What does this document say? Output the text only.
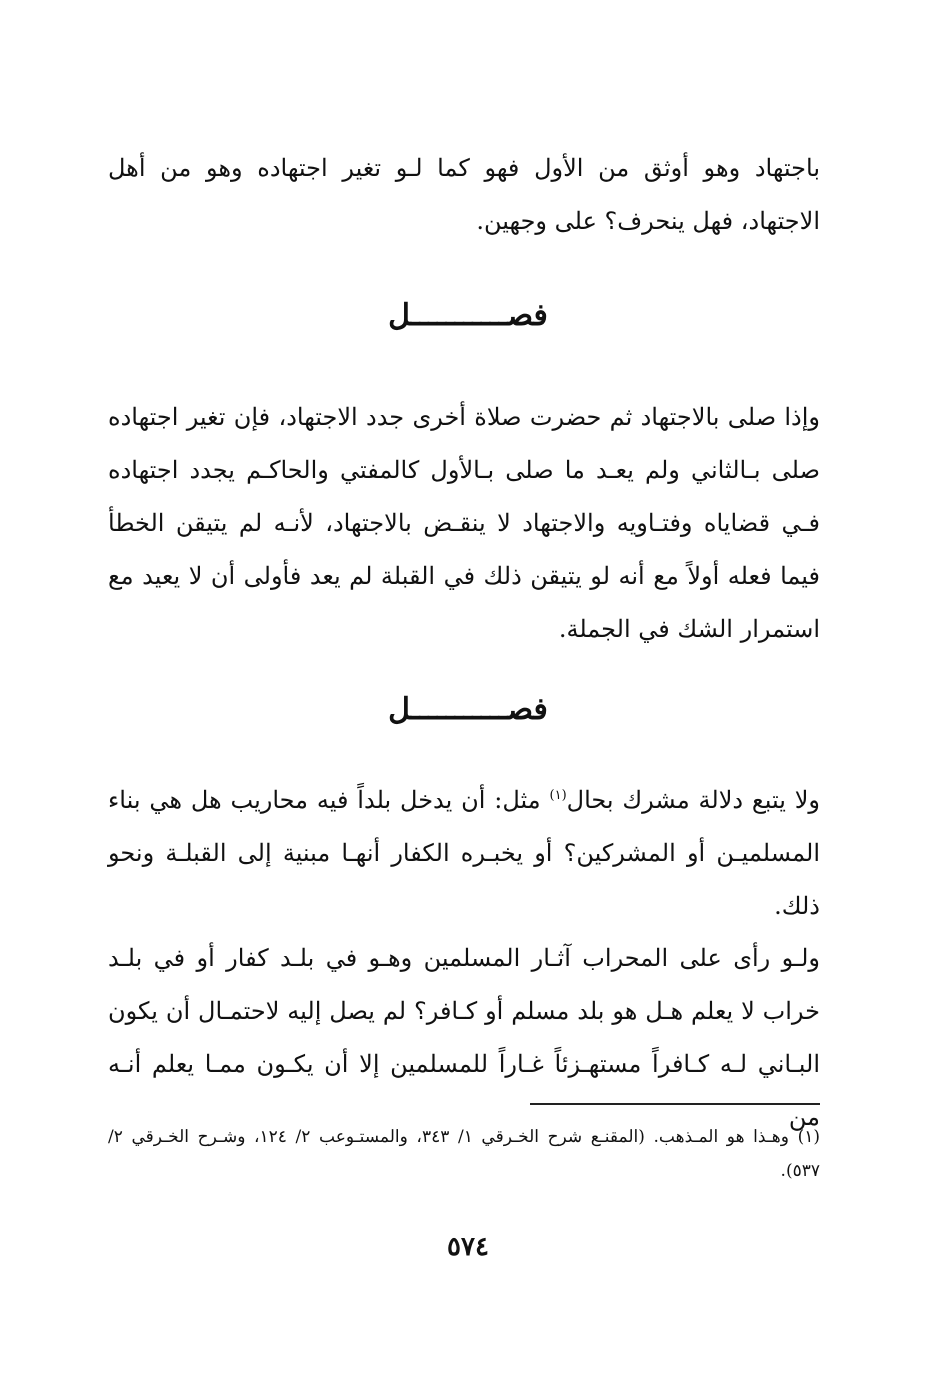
باجتهاد وهو أوثق من الأول فهو كما لـو تغير اجتهاده وهو من أهل الاجتهاد، فهل ينحرف؟ على وجهين.
فصـــــــــــل
وإذا صلى بالاجتهاد ثم حضرت صلاة أخرى جدد الاجتهاد، فإن تغير اجتهاده صلى بـالثاني ولم يعـد ما صلى بـالأول كالمفتي والحاكـم يجدد اجتهاده فـي قضاياه وفتـاويه والاجتهاد لا ينقـض بالاجتهاد، لأنـه لم يتيقن الخطأ فيما فعله أولاً مع أنه لو يتيقن ذلك في القبلة لم يعد فأولى أن لا يعيد مع استمرار الشك في الجملة.
فصـــــــــــل
ولا يتبع دلالة مشرك بحال$^{(١)}$ مثل: أن يدخل بلداً فيه محاريب هل هي بناء المسلميـن أو المشركين؟ أو يخبـره الكفار أنهـا مبنية إلى القبلـة ونحو ذلك.
ولـو رأى على المحراب آثـار المسلمين وهـو في بلـد كفار أو في بلـد خراب لا يعلم هـل هو بلد مسلم أو كـافر؟ لم يصل إليه لاحتمـال أن يكون البـاني لـه كـافراً مستهـزئاً غـاراً للمسلمين إلا أن يكـون ممـا يعلم أنـه من
(١) وهـذا هو المـذهب. (المقنـع شرح الخـرقي ١/ ٣٤٣، والمستـوعب ٢/ ١٢٤، وشـرح الخـرقي ٢/ ٥٣٧).
٥٧٤
